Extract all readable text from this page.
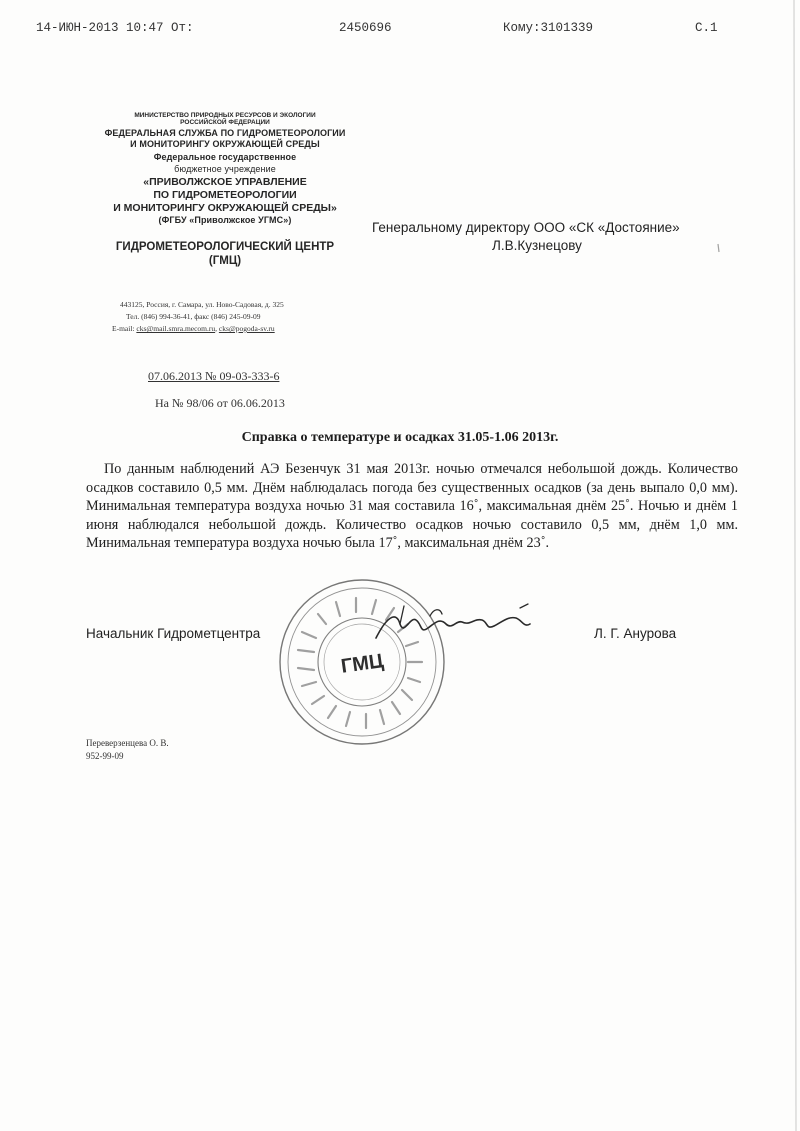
14-ИЮН-2013 10:47 От:	2450696	Кому:3101339	С.1
МИНИСТЕРСТВО ПРИРОДНЫХ РЕСУРСОВ И ЭКОЛОГИИ
РОССИЙСКОЙ ФЕДЕРАЦИИ
ФЕДЕРАЛЬНАЯ СЛУЖБА ПО ГИДРОМЕТЕОРОЛОГИИ
И МОНИТОРИНГУ ОКРУЖАЮЩЕЙ СРЕДЫ
Федеральное государственное
бюджетное учреждение
«ПРИВОЛЖСКОЕ УПРАВЛЕНИЕ
ПО ГИДРОМЕТЕОРОЛОГИИ
И МОНИТОРИНГУ ОКРУЖАЮЩЕЙ СРЕДЫ»
(ФГБУ «Приволжское УГМС»)
ГИДРОМЕТЕОРОЛОГИЧЕСКИЙ ЦЕНТР
(ГМЦ)
443125, Россия, г. Самара, ул. Ново-Садовая, д. 325
Тел. (846) 994-36-41, факс (846) 245-09-09
E-mail: cks@mail.smra.mecom.ru, cks@pogoda-sv.ru
Генеральному директору ООО «СК «Достояние»
Л.В.Кузнецову
07.06.2013 № 09-03-333-6
На № 98/06 от 06.06.2013
Справка о температуре и осадках 31.05-1.06 2013г.

По данным наблюдений АЭ Безенчук 31 мая 2013г. ночью отмечался небольшой дождь. Количество осадков составило 0,5 мм. Днём наблюдалась погода без существенных осадков (за день выпало 0,0 мм). Минимальная температура воздуха ночью 31 мая составила 16˚, максимальная днём 25˚. Ночью и днём 1 июня наблюдался небольшой дождь. Количество осадков ночью составило 0,5 мм, днём 1,0 мм. Минимальная температура воздуха ночью была 17˚, максимальная днём 23˚.

Начальник Гидрометцентра	Л. Г. Анурова
ГМЦ
Переверзенцева О. В.
952-99-09
